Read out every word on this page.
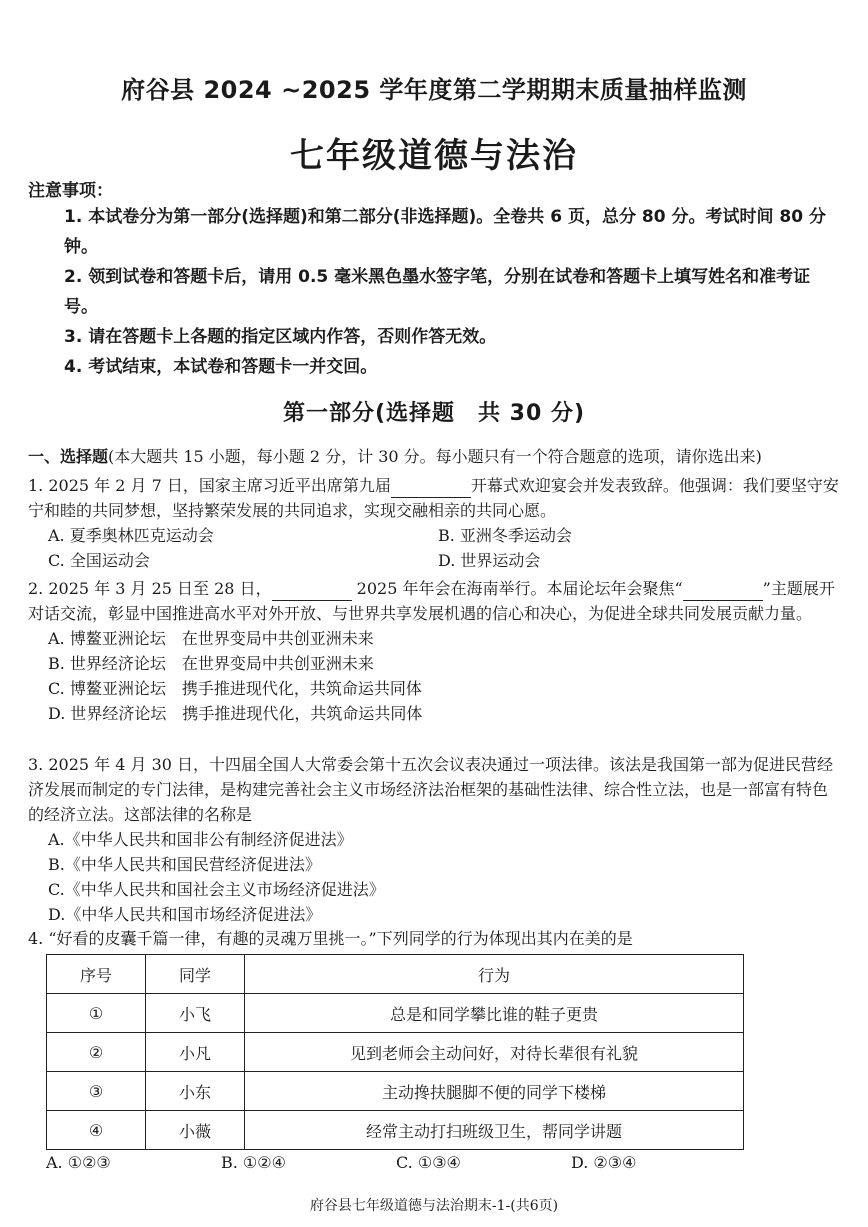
府谷县 2024 ~2025 学年度第二学期期末质量抽样监测
七年级道德与法治
注意事项：
1. 本试卷分为第一部分(选择题)和第二部分(非选择题)。全卷共 6 页，总分 80 分。考试时间 80 分钟。
2. 领到试卷和答题卡后，请用 0.5 毫米黑色墨水签字笔，分别在试卷和答题卡上填写姓名和准考证号。
3. 请在答题卡上各题的指定区域内作答，否则作答无效。
4. 考试结束，本试卷和答题卡一并交回。
第一部分(选择题　共 30 分)
一、选择题(本大题共 15 小题，每小题 2 分，计 30 分。每小题只有一个符合题意的选项，请你选出来)
1. 2025 年 2 月 7 日，国家主席习近平出席第九届	开幕式欢迎宴会并发表致辞。他强调：我们要坚守安宁和睦的共同梦想，坚持繁荣发展的共同追求，实现交融相亲的共同心愿。
A. 夏季奥林匹克运动会	B. 亚洲冬季运动会
C. 全国运动会	D. 世界运动会
2. 2025 年 3 月 25 日至 28 日，	2025 年年会在海南举行。本届论坛年会聚焦“	”主题展开对话交流，彰显中国推进高水平对外开放、与世界共享发展机遇的信心和决心，为促进全球共同发展贡献力量。
A. 博鳌亚洲论坛　在世界变局中共创亚洲未来
B. 世界经济论坛　在世界变局中共创亚洲未来
C. 博鳌亚洲论坛　携手推进现代化，共筑命运共同体
D. 世界经济论坛　携手推进现代化，共筑命运共同体
3. 2025 年 4 月 30 日，十四届全国人大常委会第十五次会议表决通过一项法律。该法是我国第一部为促进民营经济发展而制定的专门法律，是构建完善社会主义市场经济法治框架的基础性法律、综合性立法，也是一部富有特色的经济立法。这部法律的名称是
A.《中华人民共和国非公有制经济促进法》
B.《中华人民共和国民营经济促进法》
C.《中华人民共和国社会主义市场经济促进法》
D.《中华人民共和国市场经济促进法》
4. “好看的皮囊千篇一律，有趣的灵魂万里挑一。”下列同学的行为体现出其内在美的是
序号	同学	行为
①	小飞	总是和同学攀比谁的鞋子更贵
②	小凡	见到老师会主动问好，对待长辈很有礼貌
③	小东	主动搀扶腿脚不便的同学下楼梯
④	小薇	经常主动打扫班级卫生，帮同学讲题
A. ①②③	B. ①②④	C. ①③④	D. ②③④
府谷县七年级道德与法治期末-1-(共6页)
